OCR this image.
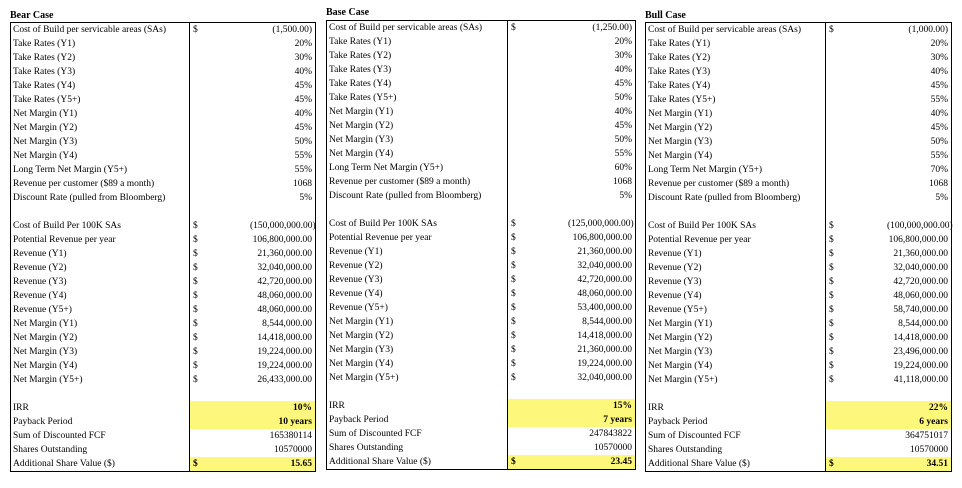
Bear Case
Cost of Build per servicable areas (SAs)	$	(1,500.00)
Take Rates (Y1)	20%
Take Rates (Y2)	30%
Take Rates (Y3)	40%
Take Rates (Y4)	45%
Take Rates (Y5+)	45%
Net Margin (Y1)	40%
Net Margin (Y2)	45%
Net Margin (Y3)	50%
Net Margin (Y4)	55%
Long Term Net Margin (Y5+)	55%
Revenue per customer ($89 a month)	1068
Discount Rate (pulled from Bloomberg)	5%
Cost of Build Per 100K SAs	$	(150,000,000.00)
Potential Revenue per year	$	106,800,000.00
Revenue (Y1)	$	21,360,000.00
Revenue (Y2)	$	32,040,000.00
Revenue (Y3)	$	42,720,000.00
Revenue (Y4)	$	48,060,000.00
Revenue (Y5+)	$	48,060,000.00
Net Margin (Y1)	$	8,544,000.00
Net Margin (Y2)	$	14,418,000.00
Net Margin (Y3)	$	19,224,000.00
Net Margin (Y4)	$	19,224,000.00
Net Margin (Y5+)	$	26,433,000.00
IRR	10%
Payback Period	10 years
Sum of Discounted FCF	165380114
Shares Outstanding	10570000
Additional Share Value ($)	$	15.65
Base Case
Cost of Build per servicable areas (SAs)	$	(1,250.00)
Take Rates (Y1)	20%
Take Rates (Y2)	30%
Take Rates (Y3)	40%
Take Rates (Y4)	45%
Take Rates (Y5+)	50%
Net Margin (Y1)	40%
Net Margin (Y2)	45%
Net Margin (Y3)	50%
Net Margin (Y4)	55%
Long Term Net Margin (Y5+)	60%
Revenue per customer ($89 a month)	1068
Discount Rate (pulled from Bloomberg)	5%
Cost of Build Per 100K SAs	$	(125,000,000.00)
Potential Revenue per year	$	106,800,000.00
Revenue (Y1)	$	21,360,000.00
Revenue (Y2)	$	32,040,000.00
Revenue (Y3)	$	42,720,000.00
Revenue (Y4)	$	48,060,000.00
Revenue (Y5+)	$	53,400,000.00
Net Margin (Y1)	$	8,544,000.00
Net Margin (Y2)	$	14,418,000.00
Net Margin (Y3)	$	21,360,000.00
Net Margin (Y4)	$	19,224,000.00
Net Margin (Y5+)	$	32,040,000.00
IRR	15%
Payback Period	7 years
Sum of Discounted FCF	247843822
Shares Outstanding	10570000
Additional Share Value ($)	$	23.45
Bull Case
Cost of Build per servicable areas (SAs)	$	(1,000.00)
Take Rates (Y1)	20%
Take Rates (Y2)	30%
Take Rates (Y3)	40%
Take Rates (Y4)	45%
Take Rates (Y5+)	55%
Net Margin (Y1)	40%
Net Margin (Y2)	45%
Net Margin (Y3)	50%
Net Margin (Y4)	55%
Long Term Net Margin (Y5+)	70%
Revenue per customer ($89 a month)	1068
Discount Rate (pulled from Bloomberg)	5%
Cost of Build Per 100K SAs	$	(100,000,000.00)
Potential Revenue per year	$	106,800,000.00
Revenue (Y1)	$	21,360,000.00
Revenue (Y2)	$	32,040,000.00
Revenue (Y3)	$	42,720,000.00
Revenue (Y4)	$	48,060,000.00
Revenue (Y5+)	$	58,740,000.00
Net Margin (Y1)	$	8,544,000.00
Net Margin (Y2)	$	14,418,000.00
Net Margin (Y3)	$	23,496,000.00
Net Margin (Y4)	$	19,224,000.00
Net Margin (Y5+)	$	41,118,000.00
IRR	22%
Payback Period	6 years
Sum of Discounted FCF	364751017
Shares Outstanding	10570000
Additional Share Value ($)	$	34.51
